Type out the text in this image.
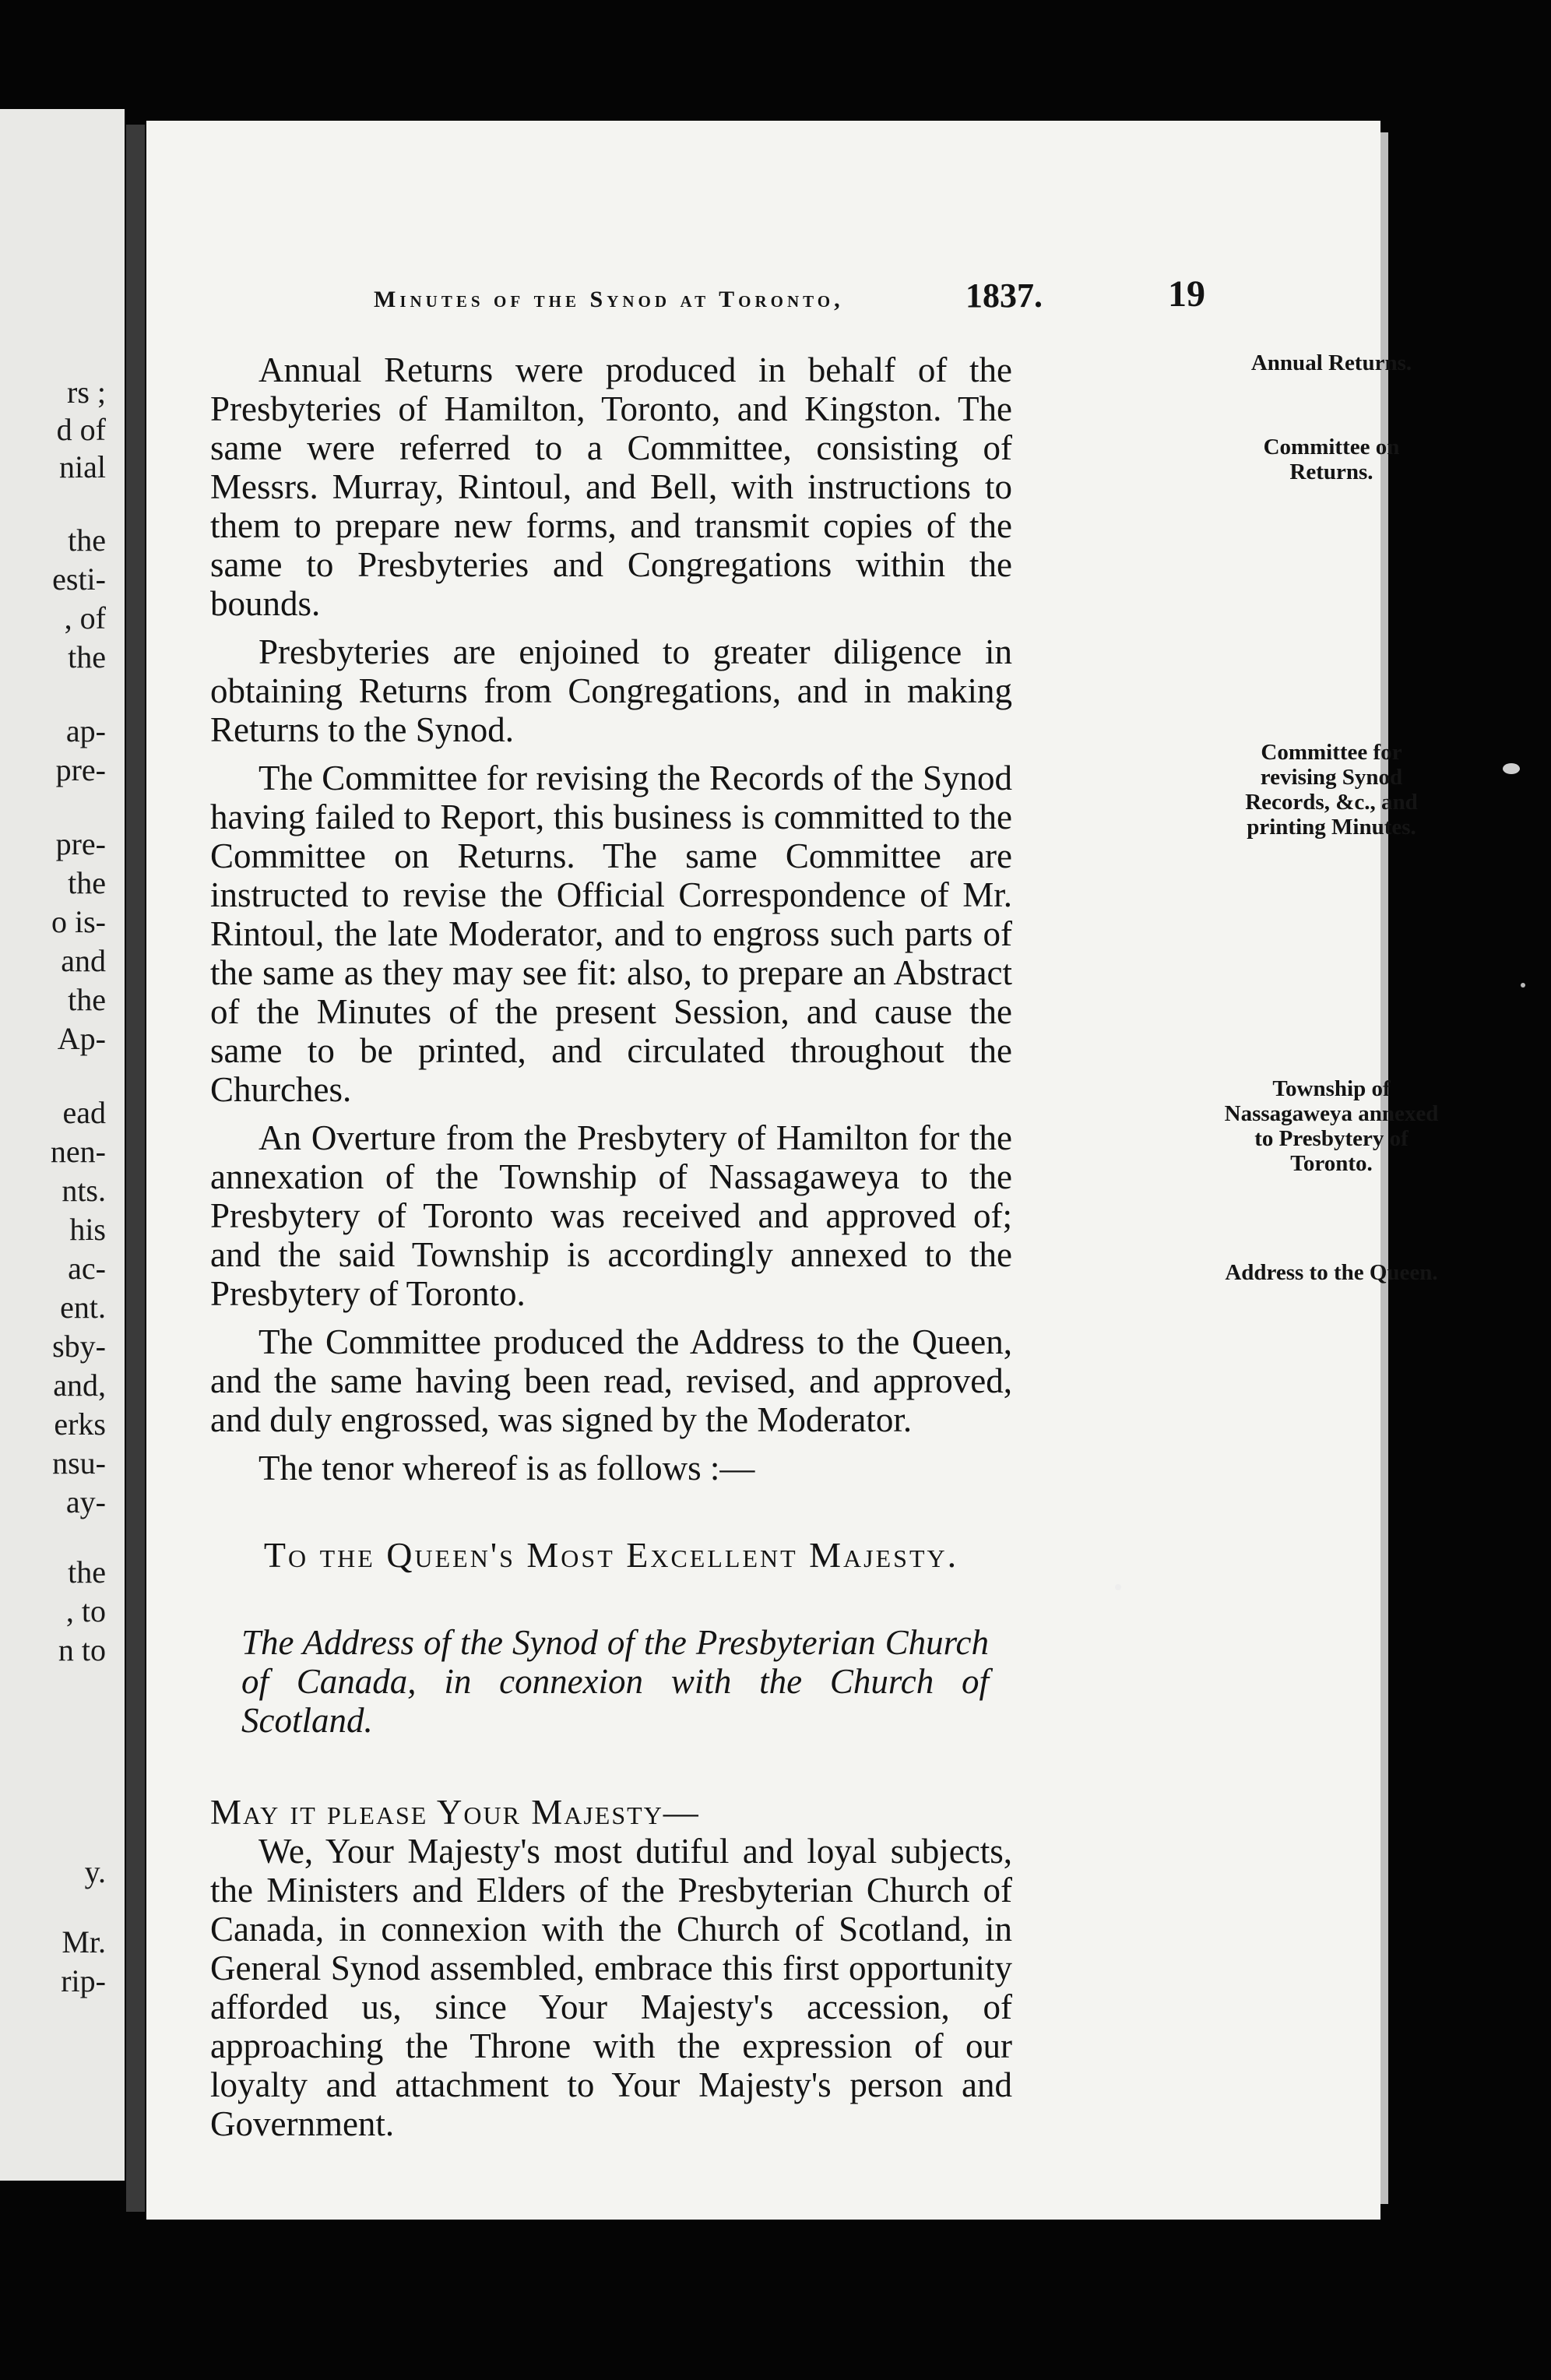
rs ;
d of
nial
the
esti-
, of
the
ap-
pre-
pre-
the
o is-
and
the
Ap-
ead
nen-
nts.
his
ac-
ent.
sby-
and,
erks
nsu-
ay-
the
, to
n to
y.
Mr.
rip-
Minutes of the Synod at Toronto,	1837.	19

Annual Returns were produced in behalf of the Presbyteries of Hamilton, Toronto, and Kingston. The same were referred to a Committee, consisting of Messrs. Murray, Rintoul, and Bell, with instructions to them to prepare new forms, and transmit copies of the same to Presbyteries and Congregations within the bounds.

Presbyteries are enjoined to greater diligence in obtaining Returns from Congregations, and in making Returns to the Synod.

The Committee for revising the Records of the Synod having failed to Report, this business is committed to the Committee on Returns. The same Committee are instructed to revise the Official Correspondence of Mr. Rintoul, the late Moderator, and to engross such parts of the same as they may see fit: also, to prepare an Abstract of the Minutes of the present Session, and cause the same to be printed, and circulated throughout the Churches.

An Overture from the Presbytery of Hamilton for the annexation of the Township of Nassagaweya to the Presbytery of Toronto was received and approved of; and the said Township is accordingly annexed to the Presbytery of Toronto.

The Committee produced the Address to the Queen, and the same having been read, revised, and approved, and duly engrossed, was signed by the Moderator.

The tenor whereof is as follows :—

To the Queen's Most Excellent Majesty.

The Address of the Synod of the Presbyterian Church of Canada, in connexion with the Church of Scotland.

May it please Your Majesty—

We, Your Majesty's most dutiful and loyal subjects, the Ministers and Elders of the Presbyterian Church of Canada, in connexion with the Church of Scotland, in General Synod assembled, embrace this first opportunity afforded us, since Your Majesty's accession, of approaching the Throne with the expression of our loyalty and attachment to Your Majesty's person and Government.

Annual Returns.
Committee on Returns.
Committee for revising Synod Records, &c., and printing Minutes.
Township of Nassagaweya annexed to Presbytery of Toronto.
Address to the Queen.
